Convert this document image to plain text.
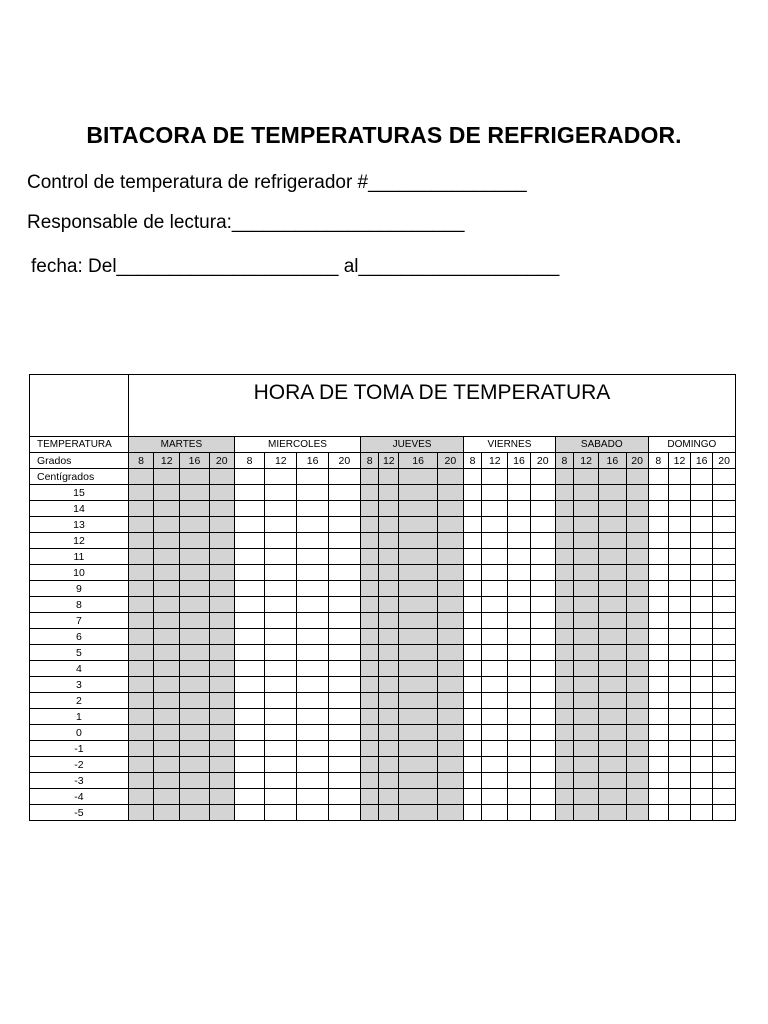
BITACORA DE TEMPERATURAS DE REFRIGERADOR.
Control de temperatura de refrigerador #_______________
Responsable de lectura:______________________
fecha: Del_____________________ al___________________
	HORA DE TOMA DE TEMPERATURA																							
TEMPERATURA	MARTES				MIERCOLES				JUEVES				VIERNES				SABADO				DOMINGO			
Grados	8	12	16	20	8	12	16	20	8	12	16	20	8	12	16	20	8	12	16	20	8	12	16	20
Centígrados																								
15																								
14																								
13																								
12																								
11																								
10																								
9																								
8																								
7																								
6																								
5																								
4																								
3																								
2																								
1																								
0																								
-1																								
-2																								
-3																								
-4																								
-5																								
